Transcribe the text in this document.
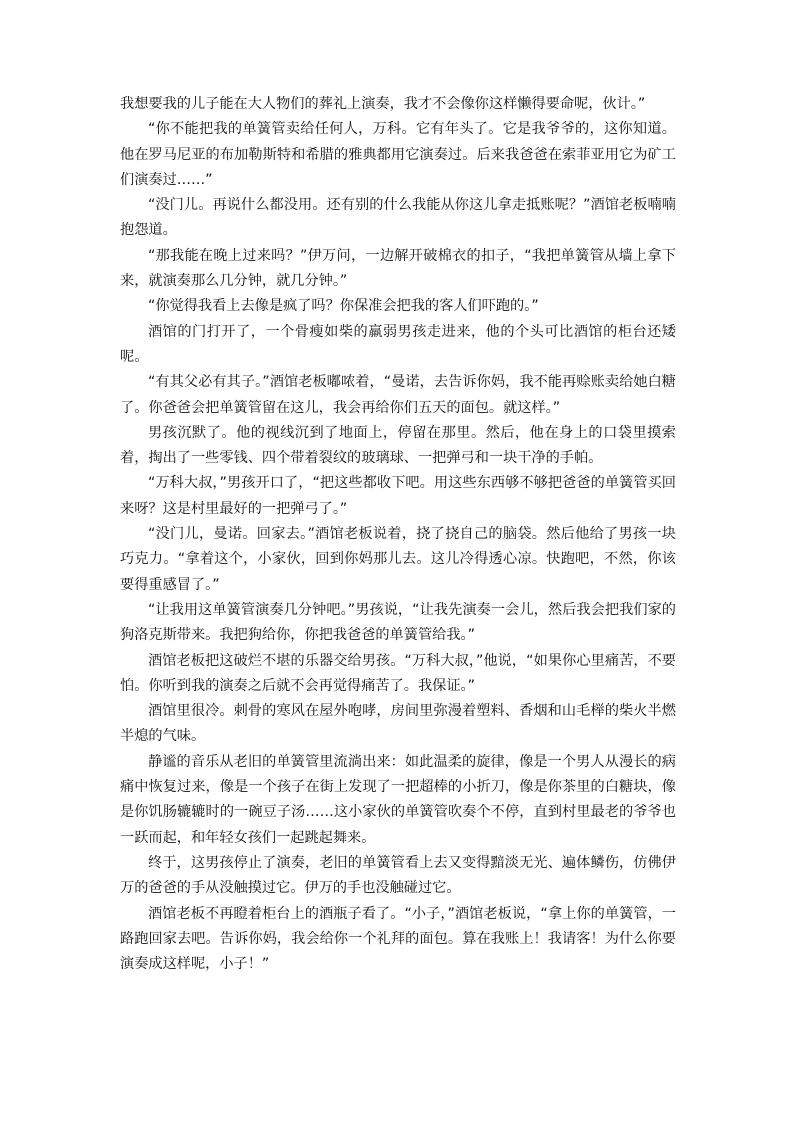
我想要我的儿子能在大人物们的葬礼上演奏，我才不会像你这样懒得要命呢，伙计。”

“你不能把我的单簧管卖给任何人，万科。它有年头了。它是我爷爷的，这你知道。他在罗马尼亚的布加勒斯特和希腊的雅典都用它演奏过。后来我爸爸在索菲亚用它为矿工们演奏过……”

“没门儿。再说什么都没用。还有别的什么我能从你这儿拿走抵账呢？”酒馆老板喃喃抱怨道。

“那我能在晚上过来吗？”伊万问，一边解开破棉衣的扣子，“我把单簧管从墙上拿下来，就演奏那么几分钟，就几分钟。”

“你觉得我看上去像是疯了吗？你保准会把我的客人们吓跑的。”

酒馆的门打开了，一个骨瘦如柴的羸弱男孩走进来，他的个头可比酒馆的柜台还矮呢。

“有其父必有其子。”酒馆老板嘟哝着，“曼诺，去告诉你妈，我不能再赊账卖给她白糖了。你爸爸会把单簧管留在这儿，我会再给你们五天的面包。就这样。”

男孩沉默了。他的视线沉到了地面上，停留在那里。然后，他在身上的口袋里摸索着，掏出了一些零钱、四个带着裂纹的玻璃球、一把弹弓和一块干净的手帕。

“万科大叔，”男孩开口了，“把这些都收下吧。用这些东西够不够把爸爸的单簧管买回来呀？这是村里最好的一把弹弓了。”

“没门儿，曼诺。回家去。”酒馆老板说着，挠了挠自己的脑袋。然后他给了男孩一块巧克力。“拿着这个，小家伙，回到你妈那儿去。这儿冷得透心凉。快跑吧，不然，你该要得重感冒了。”

“让我用这单簧管演奏几分钟吧。”男孩说，“让我先演奏一会儿，然后我会把我们家的狗洛克斯带来。我把狗给你，你把我爸爸的单簧管给我。”

酒馆老板把这破烂不堪的乐器交给男孩。“万科大叔，”他说，“如果你心里痛苦，不要怕。你听到我的演奏之后就不会再觉得痛苦了。我保证。”

酒馆里很冷。刺骨的寒风在屋外咆哮，房间里弥漫着塑料、香烟和山毛榉的柴火半燃半熄的气味。

静谧的音乐从老旧的单簧管里流淌出来：如此温柔的旋律，像是一个男人从漫长的病痛中恢复过来，像是一个孩子在街上发现了一把超棒的小折刀，像是你茶里的白糖块，像是你饥肠辘辘时的一碗豆子汤……这小家伙的单簧管吹奏个不停，直到村里最老的爷爷也一跃而起，和年轻女孩们一起跳起舞来。

终于，这男孩停止了演奏，老旧的单簧管看上去又变得黯淡无光、遍体鳞伤，仿佛伊万的爸爸的手从没触摸过它。伊万的手也没触碰过它。

酒馆老板不再瞪着柜台上的酒瓶子看了。“小子，”酒馆老板说，“拿上你的单簧管，一路跑回家去吧。告诉你妈，我会给你一个礼拜的面包。算在我账上！我请客！为什么你要演奏成这样呢，小子！”
